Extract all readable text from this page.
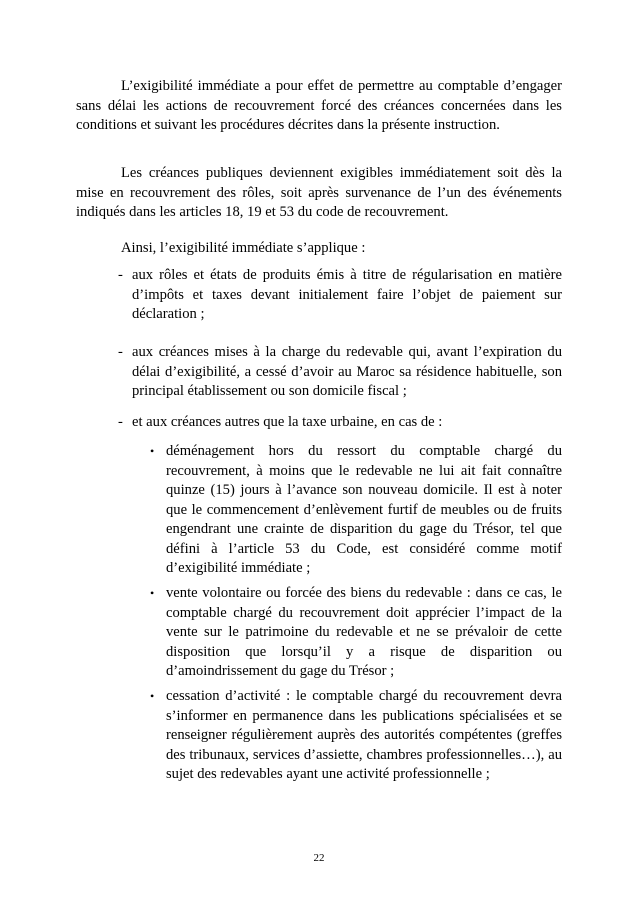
L’exigibilité immédiate a pour effet de permettre au comptable d’engager sans délai les actions de recouvrement forcé des créances concernées dans les conditions et suivant les procédures décrites dans la présente instruction.

Les créances publiques deviennent exigibles immédiatement soit dès la mise en recouvrement des rôles, soit après survenance de l’un des événements indiqués dans les articles 18, 19 et 53 du code de recouvrement.

Ainsi, l’exigibilité immédiate s’applique :

- aux rôles et états de produits émis à titre de régularisation en matière d’impôts et taxes devant initialement faire l’objet de paiement sur déclaration ;
- aux créances mises à la charge du redevable qui, avant l’expiration du délai d’exigibilité, a cessé d’avoir au Maroc sa résidence habituelle, son principal établissement ou son domicile fiscal ;
- et aux créances autres que la taxe urbaine, en cas de :
• déménagement hors du ressort du comptable chargé du recouvrement, à moins que le redevable ne lui ait fait connaître quinze (15) jours à l’avance son nouveau domicile. Il est à noter que le commencement d’enlèvement furtif de meubles ou de fruits engendrant une crainte de disparition du gage du Trésor, tel que défini à l’article 53 du Code, est considéré comme motif d’exigibilité immédiate ;
• vente volontaire ou forcée des biens du redevable : dans ce cas, le comptable chargé du recouvrement doit apprécier l’impact de la vente sur le patrimoine du redevable et ne se prévaloir de cette disposition que lorsqu’il y a risque de disparition ou d’amoindrissement du gage du Trésor ;
• cessation d’activité : le comptable chargé du recouvrement devra s’informer en permanence dans les publications spécialisées et se renseigner régulièrement auprès des autorités compétentes (greffes des tribunaux, services d’assiette, chambres professionnelles…), au sujet des redevables ayant une activité professionnelle ;
22
